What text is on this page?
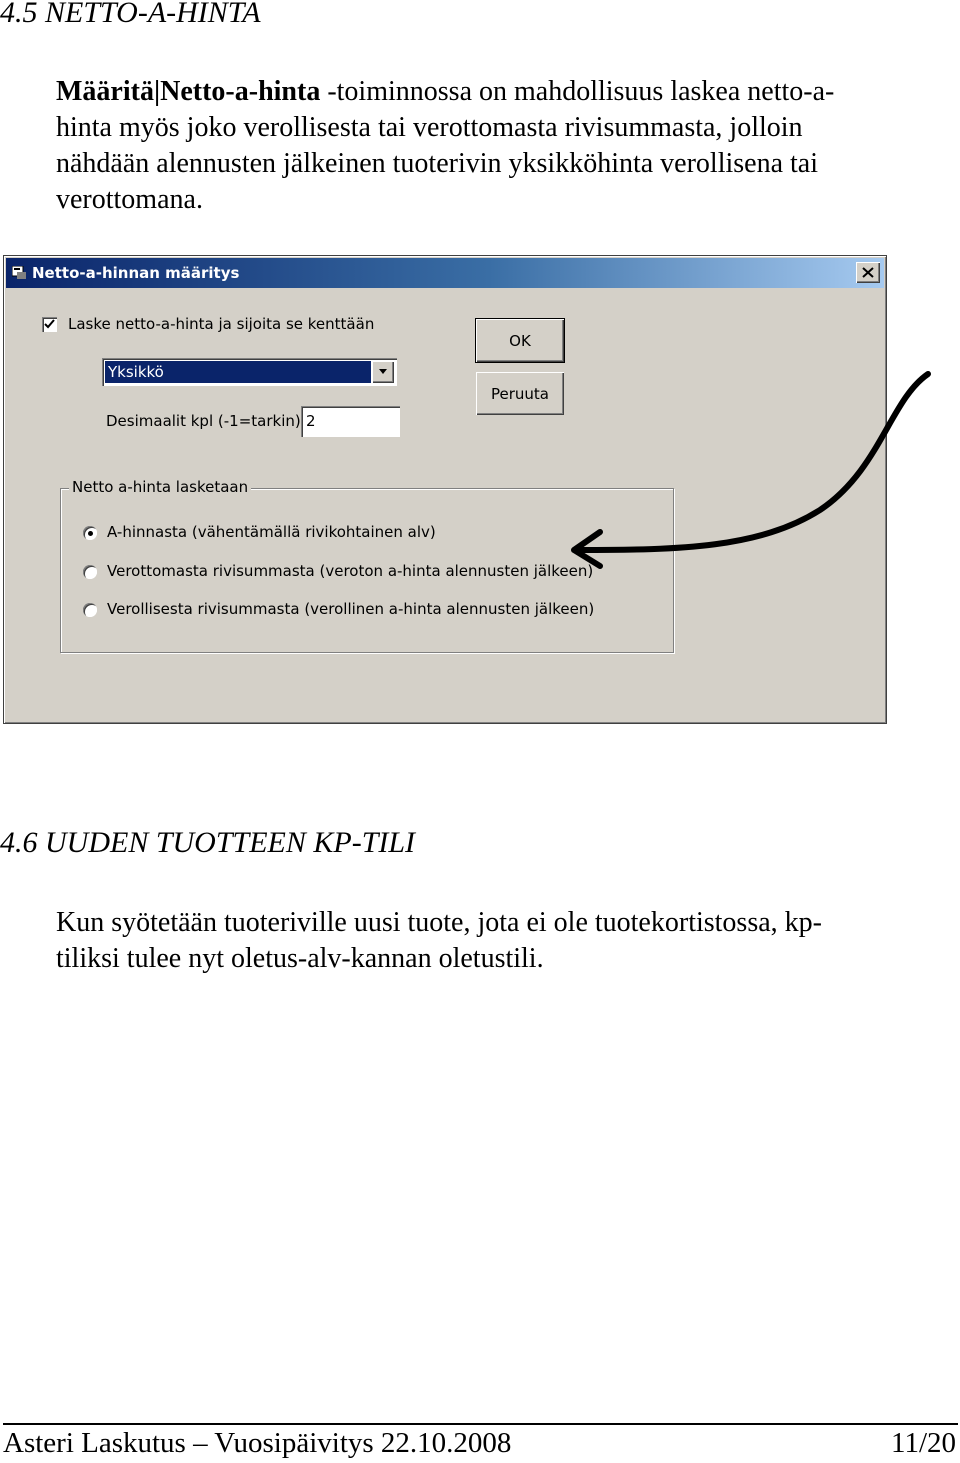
4.5 NETTO-A-HINTA

Määritä|Netto-a-hinta -toiminnossa on mahdollisuus laskea netto-a-

hinta myös joko verollisesta tai verottomasta rivisummasta, jolloin

nähdään alennusten jälkeinen tuoterivin yksikköhinta verollisena tai

verottomana.

Netto-a-hinnan määritys
Laske netto-a-hinta ja sijoita se kenttään
Yksikkö
Desimaalit kpl (-1=tarkin) 2
OK
Peruuta
Netto a-hinta lasketaan
A-hinnasta (vähentämällä rivikohtainen alv)
Verottomasta rivisummasta (veroton a-hinta alennusten jälkeen)
Verollisesta rivisummasta (verollinen a-hinta alennusten jälkeen)
4.6 UUDEN TUOTTEEN KP-TILI

Kun syötetään tuoteriville uusi tuote, jota ei ole tuotekortistossa, kp-

tiliksi tulee nyt oletus-alv-kannan oletustili.

Asteri Laskutus – Vuosipäivitys 22.10.2008	11/20
